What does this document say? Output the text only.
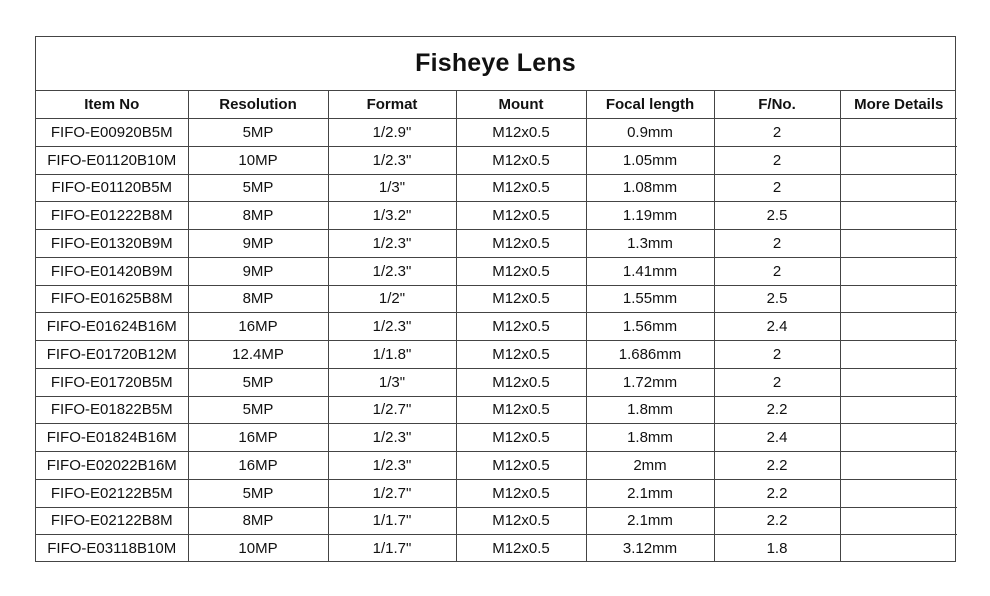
Fisheye Lens
Item No	Resolution	Format	Mount	Focal length	F/No.	More Details
FIFO-E00920B5M	5MP	1/2.9"	M12x0.5	0.9mm	2	
FIFO-E01120B10M	10MP	1/2.3"	M12x0.5	1.05mm	2	
FIFO-E01120B5M	5MP	1/3"	M12x0.5	1.08mm	2	
FIFO-E01222B8M	8MP	1/3.2"	M12x0.5	1.19mm	2.5	
FIFO-E01320B9M	9MP	1/2.3"	M12x0.5	1.3mm	2	
FIFO-E01420B9M	9MP	1/2.3"	M12x0.5	1.41mm	2	
FIFO-E01625B8M	8MP	1/2"	M12x0.5	1.55mm	2.5	
FIFO-E01624B16M	16MP	1/2.3"	M12x0.5	1.56mm	2.4	
FIFO-E01720B12M	12.4MP	1/1.8"	M12x0.5	1.686mm	2	
FIFO-E01720B5M	5MP	1/3"	M12x0.5	1.72mm	2	
FIFO-E01822B5M	5MP	1/2.7"	M12x0.5	1.8mm	2.2	
FIFO-E01824B16M	16MP	1/2.3"	M12x0.5	1.8mm	2.4	
FIFO-E02022B16M	16MP	1/2.3"	M12x0.5	2mm	2.2	
FIFO-E02122B5M	5MP	1/2.7"	M12x0.5	2.1mm	2.2	
FIFO-E02122B8M	8MP	1/1.7"	M12x0.5	2.1mm	2.2	
FIFO-E03118B10M	10MP	1/1.7"	M12x0.5	3.12mm	1.8	
